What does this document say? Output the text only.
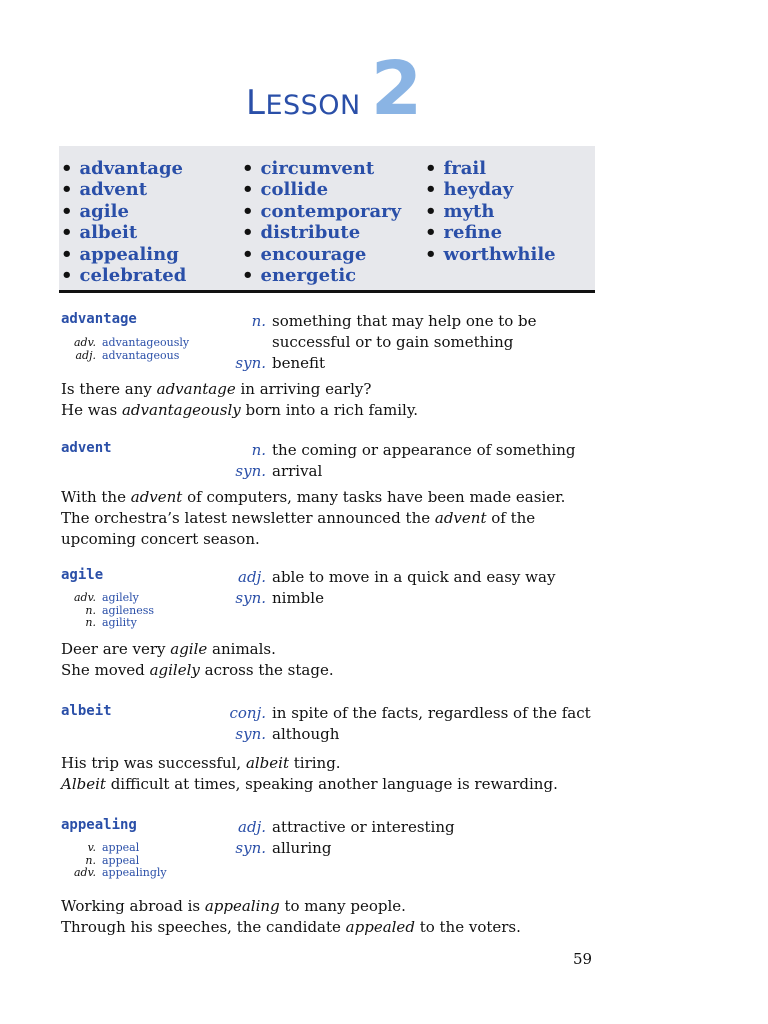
LESSON 2
• advantage
• advent
• agile
• albeit
• appealing
• celebrated
• circumvent
• collide
• contemporary
• distribute
• encourage
• energetic
• frail
• heyday
• myth
• refine
• worthwhile
advantage
adv. advantageously
adj. advantageous
n. something that may help one to be successful or to gain something
syn. benefit
Is there any advantage in arriving early?
He was advantageously born into a rich family.
advent	n. the coming or appearance of something
syn. arrival
With the advent of computers, many tasks have been made easier.
The orchestra’s latest newsletter announced the advent of the
upcoming concert season.
agile
adv. agilely
n. agileness
n. agility
adj. able to move in a quick and easy way
syn. nimble
Deer are very agile animals.
She moved agilely across the stage.
albeit	conj. in spite of the facts, regardless of the fact
syn. although
His trip was successful, albeit tiring.
Albeit difficult at times, speaking another language is rewarding.
appealing
v. appeal
n. appeal
adv. appealingly
adj. attractive or interesting
syn. alluring
Working abroad is appealing to many people.
Through his speeches, the candidate appealed to the voters.
59
